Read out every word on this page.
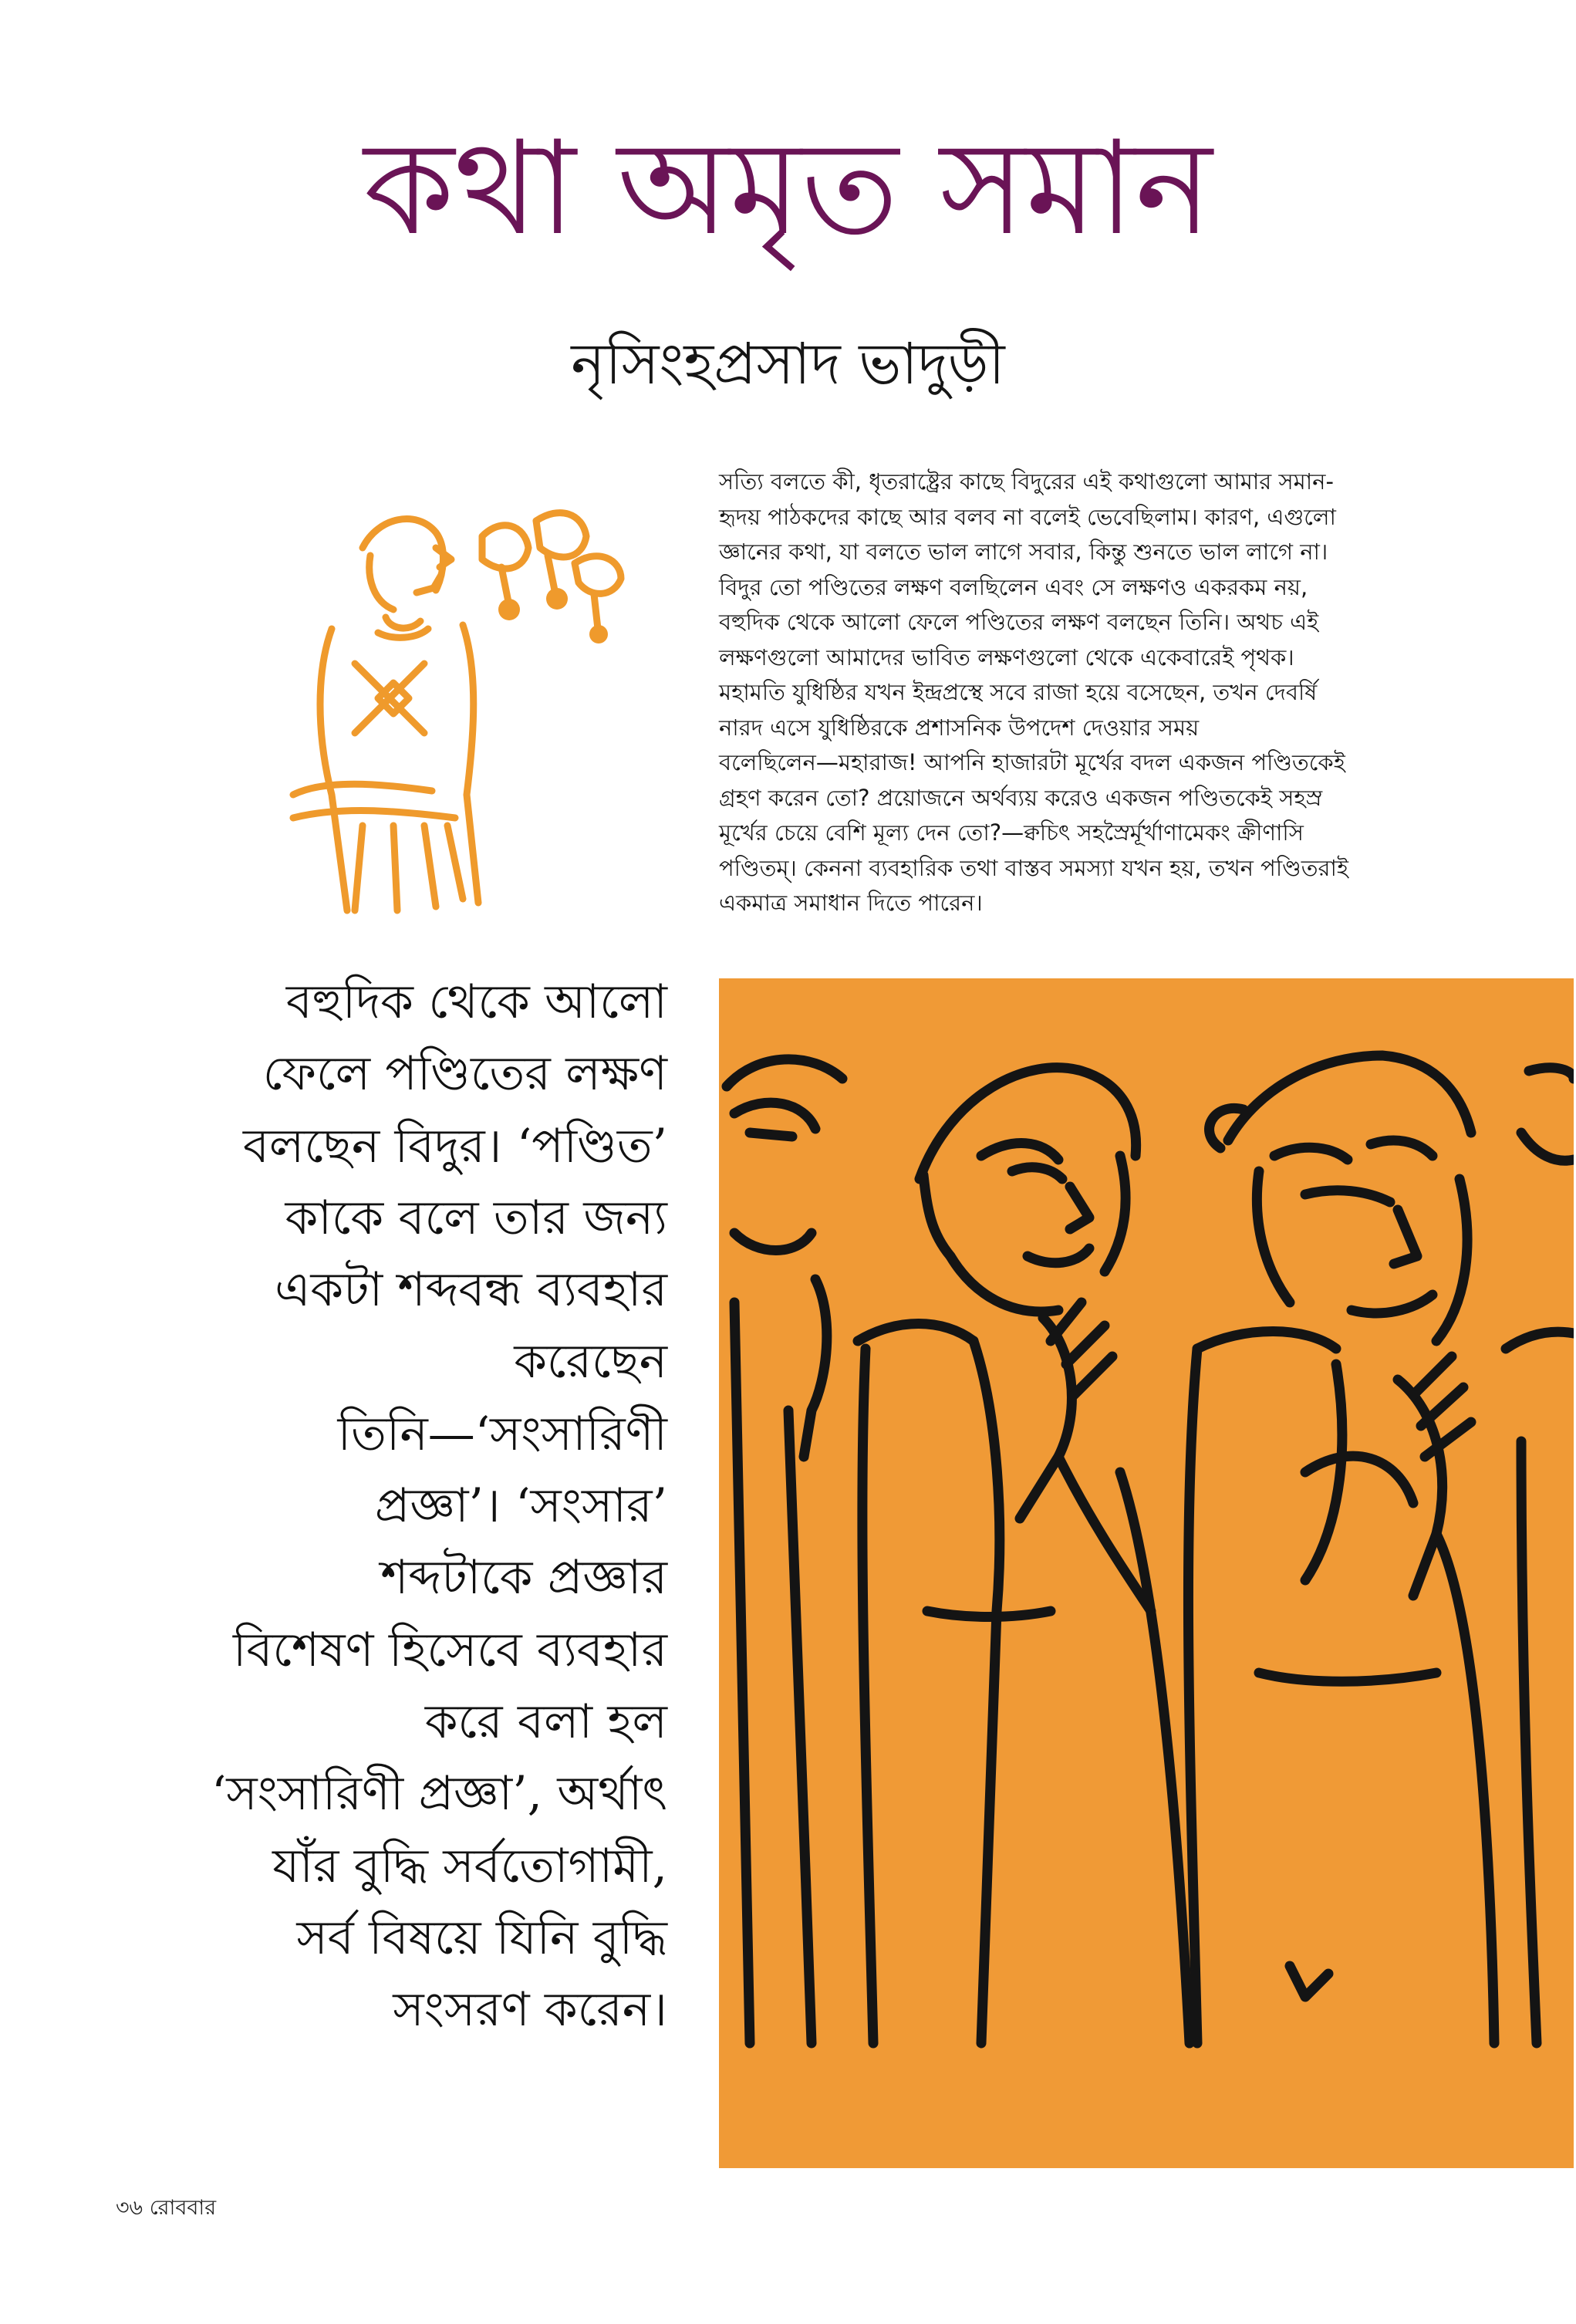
কথা অমৃত সমান
নৃসিংহপ্রসাদ ভাদুড়ী
সত্যি বলতে কী, ধৃতরাষ্ট্রের কাছে বিদুরের এই কথাগুলো আমার সমান-
হৃদয় পাঠকদের কাছে আর বলব না বলেই ভেবেছিলাম। কারণ, এগুলো
জ্ঞানের কথা, যা বলতে ভাল লাগে সবার, কিন্তু শুনতে ভাল লাগে না।
বিদুর তো পণ্ডিতের লক্ষণ বলছিলেন এবং সে লক্ষণও একরকম নয়,
বহুদিক থেকে আলো ফেলে পণ্ডিতের লক্ষণ বলছেন তিনি। অথচ এই
লক্ষণগুলো আমাদের ভাবিত লক্ষণগুলো থেকে একেবারেই পৃথক।
মহামতি যুধিষ্ঠির যখন ইন্দ্রপ্রস্থে সবে রাজা হয়ে বসেছেন, তখন দেবর্ষি
নারদ এসে যুধিষ্ঠিরকে প্রশাসনিক উপদেশ দেওয়ার সময়
বলেছিলেন—মহারাজ! আপনি হাজারটা মূর্খের বদল একজন পণ্ডিতকেই
গ্রহণ করেন তো? প্রয়োজনে অর্থব্যয় করেও একজন পণ্ডিতকেই সহস্র
মূর্খের চেয়ে বেশি মূল্য দেন তো?—ক্বচিৎ সহস্রৈর্মূর্খাণামেকং ক্রীণাসি
পণ্ডিতম্। কেননা ব্যবহারিক তথা বাস্তব সমস্যা যখন হয়, তখন পণ্ডিতরাই
একমাত্র সমাধান দিতে পারেন।
বহুদিক থেকে আলো
ফেলে পণ্ডিতের লক্ষণ
বলছেন বিদুর। ‘পণ্ডিত’
কাকে বলে তার জন্য
একটা শব্দবন্ধ ব্যবহার
করেছেন
তিনি—‘সংসারিণী
প্রজ্ঞা’। ‘সংসার’
শব্দটাকে প্রজ্ঞার
বিশেষণ হিসেবে ব্যবহার
করে বলা হল
‘সংসারিণী প্রজ্ঞা’, অর্থাৎ
যাঁর বুদ্ধি সর্বতোগামী,
সর্ব বিষয়ে যিনি বুদ্ধি
সংসরণ করেন।
৩৬ রোববার
